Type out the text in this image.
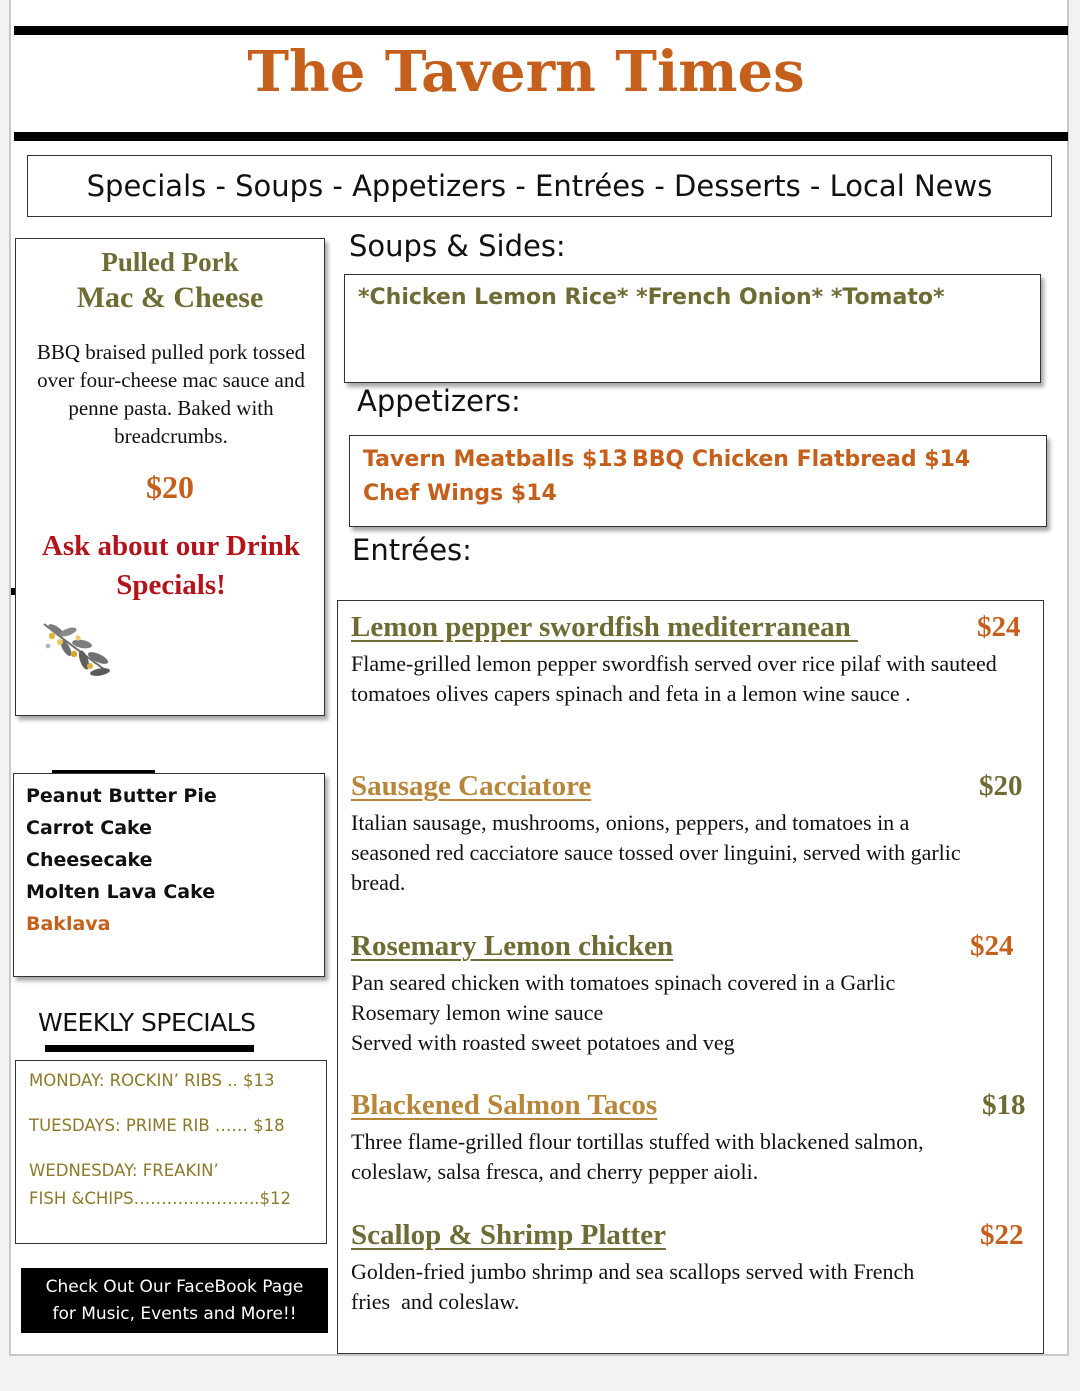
The Tavern Times
Specials - Soups - Appetizers - Entrées - Desserts - Local News
Pulled Pork
Mac & Cheese
BBQ braised pulled pork tossed over four-cheese mac sauce and penne pasta. Baked with breadcrumbs.
$20
Ask about our Drink Specials!
Soups & Sides:
*Chicken Lemon Rice* *French Onion* *Tomato*
Appetizers:
Tavern Meatballs $13 BBQ Chicken Flatbread $14
Chef Wings $14
Entrées:
Lemon pepper swordfish mediterranean	$24
Flame-grilled lemon pepper swordfish served over rice pilaf with sauteed tomatoes olives capers spinach and feta in a lemon wine sauce .
Sausage Cacciatore	$20
Italian sausage, mushrooms, onions, peppers, and tomatoes in a seasoned red cacciatore sauce tossed over linguini, served with garlic bread.
Rosemary Lemon chicken	$24
Pan seared chicken with tomatoes spinach covered in a Garlic Rosemary lemon wine sauce
Served with roasted sweet potatoes and veg
Blackened Salmon Tacos	$18
Three flame-grilled flour tortillas stuffed with blackened salmon, coleslaw, salsa fresca, and cherry pepper aioli.
Scallop & Shrimp Platter	$22
Golden-fried jumbo shrimp and sea scallops served with French fries  and coleslaw.
Peanut Butter Pie
Carrot Cake
Cheesecake
Molten Lava Cake
Baklava
WEEKLY SPECIALS
MONDAY: ROCKIN’ RIBS .. $13
TUESDAYS: PRIME RIB …… $18
WEDNESDAY: FREAKIN’
FISH &CHIPS…………………..$12
Check Out Our FaceBook Page
for Music, Events and More!!
